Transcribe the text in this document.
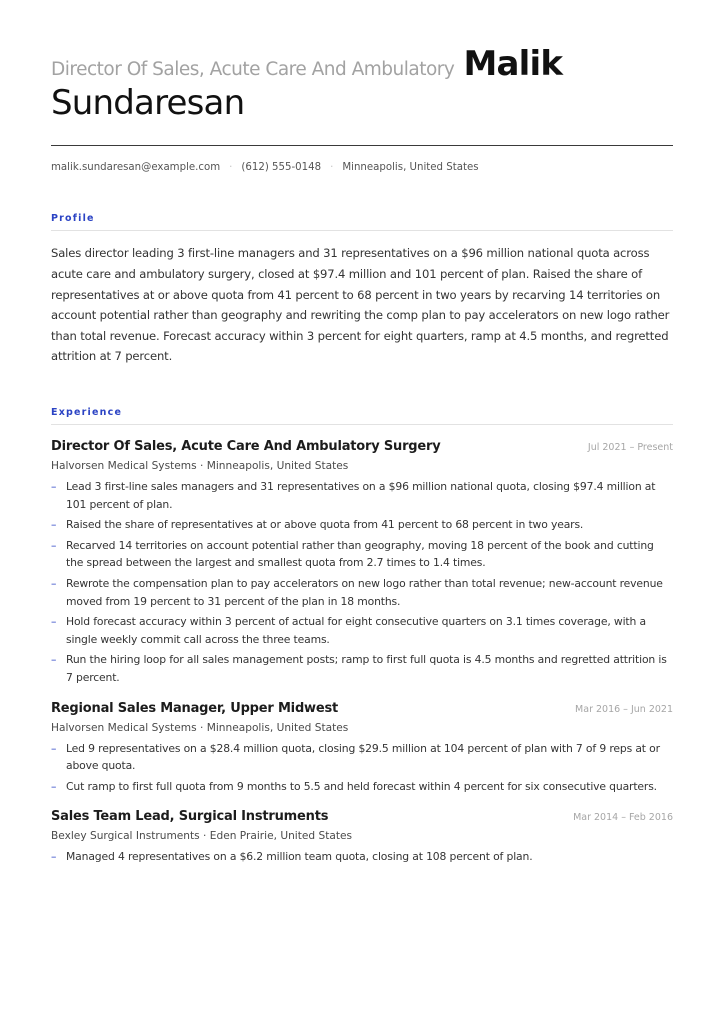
Director Of Sales, Acute Care And Ambulatory Malik
Sundaresan
malik.sundaresan@example.com · (612) 555-0148 · Minneapolis, United States
Profile

Sales director leading 3 first-line managers and 31 representatives on a $96 million national quota across acute care and ambulatory surgery, closed at $97.4 million and 101 percent of plan. Raised the share of representatives at or above quota from 41 percent to 68 percent in two years by recarving 14 territories on account potential rather than geography and rewriting the comp plan to pay accelerators on new logo rather than total revenue. Forecast accuracy within 3 percent for eight quarters, ramp at 4.5 months, and regretted attrition at 7 percent.

Experience
Director Of Sales, Acute Care And Ambulatory Surgery	Jul 2021 – Present
Halvorsen Medical Systems · Minneapolis, United States
– Lead 3 first-line sales managers and 31 representatives on a $96 million national quota, closing $97.4 million at 101 percent of plan.
– Raised the share of representatives at or above quota from 41 percent to 68 percent in two years.
– Recarved 14 territories on account potential rather than geography, moving 18 percent of the book and cutting the spread between the largest and smallest quota from 2.7 times to 1.4 times.
– Rewrote the compensation plan to pay accelerators on new logo rather than total revenue; new-account revenue moved from 19 percent to 31 percent of the plan in 18 months.
– Hold forecast accuracy within 3 percent of actual for eight consecutive quarters on 3.1 times coverage, with a single weekly commit call across the three teams.
– Run the hiring loop for all sales management posts; ramp to first full quota is 4.5 months and regretted attrition is 7 percent.
Regional Sales Manager, Upper Midwest	Mar 2016 – Jun 2021
Halvorsen Medical Systems · Minneapolis, United States
– Led 9 representatives on a $28.4 million quota, closing $29.5 million at 104 percent of plan with 7 of 9 reps at or above quota.
– Cut ramp to first full quota from 9 months to 5.5 and held forecast within 4 percent for six consecutive quarters.
Sales Team Lead, Surgical Instruments	Mar 2014 – Feb 2016
Bexley Surgical Instruments · Eden Prairie, United States
– Managed 4 representatives on a $6.2 million team quota, closing at 108 percent of plan.
